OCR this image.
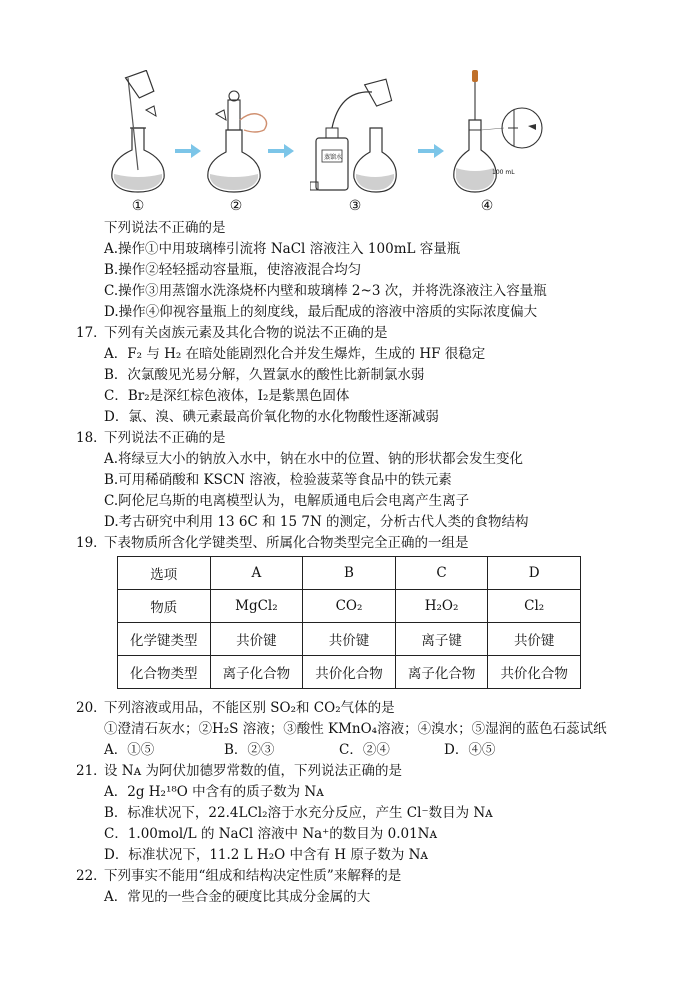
①	②	③
蒸馏水
④
100 mL
下列说法不正确的是
A.操作①中用玻璃棒引流将 NaCl 溶液注入 100mL 容量瓶
B.操作②轻轻摇动容量瓶，使溶液混合均匀
C.操作③用蒸馏水洗涤烧杯内壁和玻璃棒 2~3 次，并将洗涤液注入容量瓶
D.操作④仰视容量瓶上的刻度线，最后配成的溶液中溶质的实际浓度偏大
17．
下列有关卤族元素及其化合物的说法不正确的是
A．F₂ 与 H₂ 在暗处能剧烈化合并发生爆炸，生成的 HF 很稳定
B．次氯酸见光易分解，久置氯水的酸性比新制氯水弱
C．Br₂是深红棕色液体，I₂是紫黑色固体
D．氯、溴、碘元素最高价氧化物的水化物酸性逐渐减弱
18．
下列说法不正确的是
A.将绿豆大小的钠放入水中，钠在水中的位置、钠的形状都会发生变化
B.可用稀硝酸和 KSCN 溶液，检验菠菜等食品中的铁元素
C.阿伦尼乌斯的电离模型认为，电解质通电后会电离产生离子
D.考古研究中利用 13 6C 和 15 7N 的测定，分析古代人类的食物结构
19．
下表物质所含化学键类型、所属化合物类型完全正确的一组是
选项	A	B	C	D
物质	MgCl₂	CO₂	H₂O₂	Cl₂
化学键类型	共价键	共价键	离子键	共价键
化合物类型	离子化合物	共价化合物	离子化合物	共价化合物
20．
下列溶液或用品，不能区别 SO₂和 CO₂气体的是
①澄清石灰水；②H₂S 溶液；③酸性 KMnO₄溶液；④溴水；⑤湿润的蓝色石蕊试纸
A．①⑤	B．②③	C．②④	D．④⑤
21．
设 Nᴀ 为阿伏加德罗常数的值，下列说法正确的是
A．2g H₂¹⁸O 中含有的质子数为 Nᴀ
B．标准状况下，22.4LCl₂溶于水充分反应，产生 Cl⁻数目为 Nᴀ
C．1.00mol/L 的 NaCl 溶液中 Na⁺的数目为 0.01Nᴀ
D．标准状况下，11.2 L H₂O 中含有 H 原子数为 Nᴀ
22．
下列事实不能用“组成和结构决定性质”来解释的是
A．常见的一些合金的硬度比其成分金属的大
